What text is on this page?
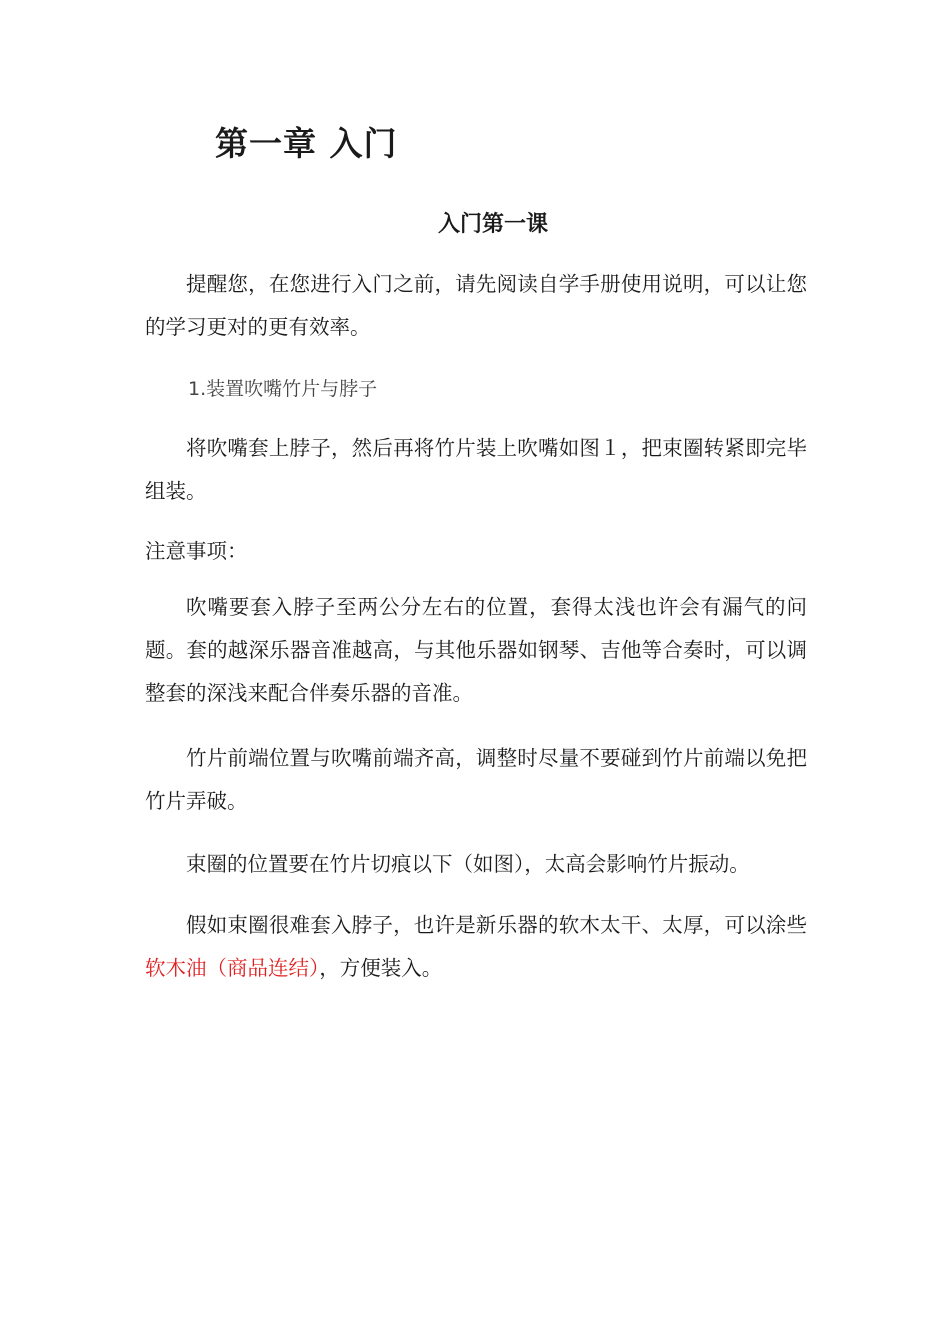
第一章 入门
入门第一课

提醒您，在您进行入门之前，请先阅读自学手册使用说明，可以让您的学习更对的更有效率。

1.装置吹嘴竹片与脖子

将吹嘴套上脖子，然后再将竹片装上吹嘴如图１，把束圈转紧即完毕组装。

注意事项：

吹嘴要套入脖子至两公分左右的位置，套得太浅也许会有漏气的问题。套的越深乐器音准越高，与其他乐器如钢琴、吉他等合奏时，可以调整套的深浅来配合伴奏乐器的音准。

竹片前端位置与吹嘴前端齐高，调整时尽量不要碰到竹片前端以免把竹片弄破。

束圈的位置要在竹片切痕以下（如图），太高会影响竹片振动。

假如束圈很难套入脖子，也许是新乐器的软木太干、太厚，可以涂些软木油（商品连结），方便装入。
